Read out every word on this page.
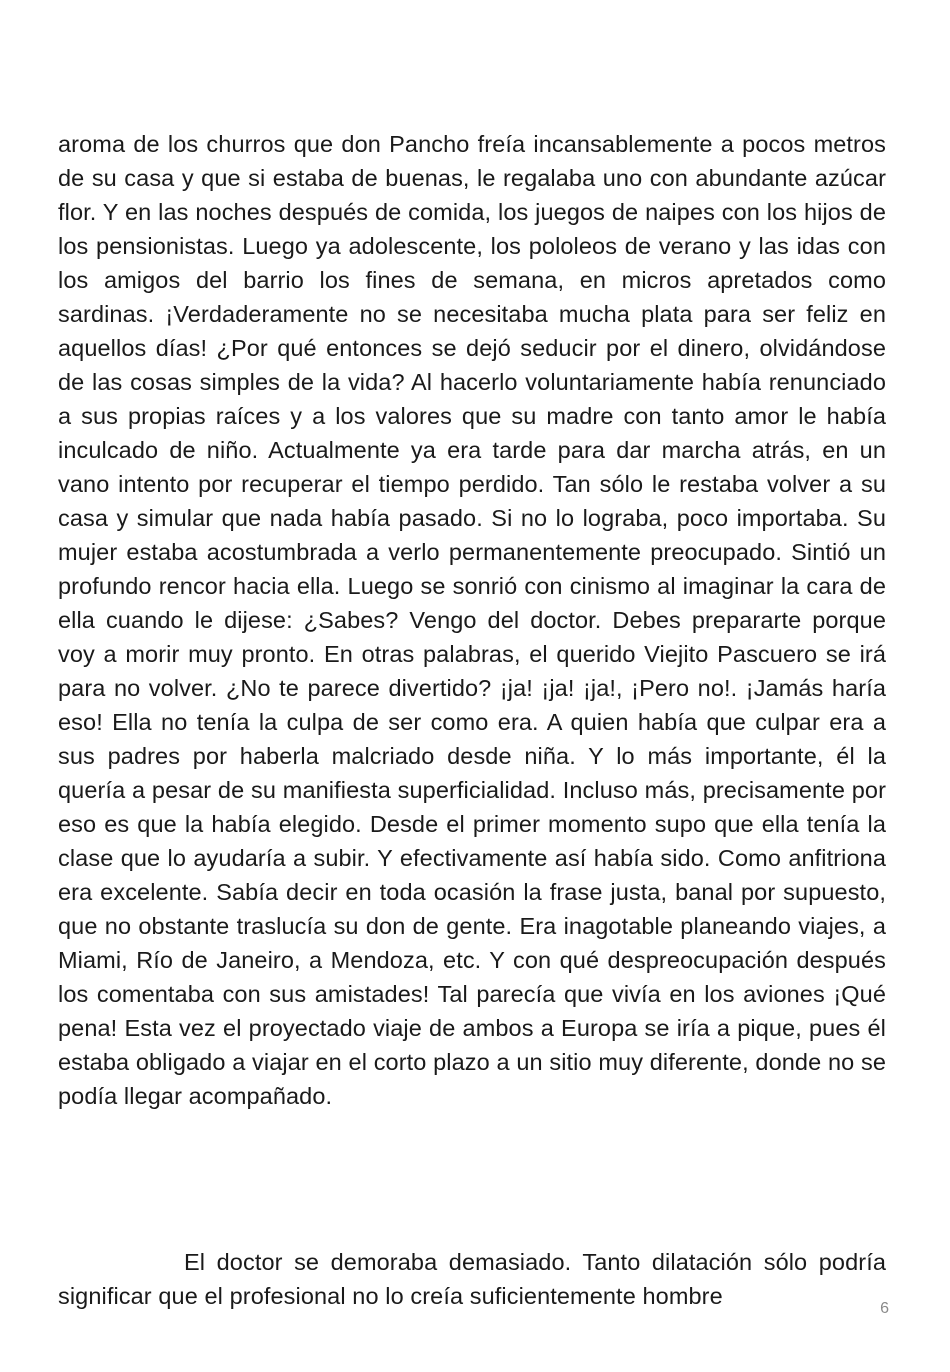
aroma de los churros que don Pancho freía incansablemente a pocos metros de su casa y que si estaba de buenas, le regalaba uno con abundante azúcar flor. Y en las noches después de comida, los juegos de naipes con los hijos de los pensionistas. Luego ya adolescente, los pololeos de verano y las idas con los amigos del barrio los fines de semana, en micros apretados como sardinas. ¡Verdaderamente no se necesitaba mucha plata para ser feliz en aquellos días! ¿Por qué entonces se dejó seducir por el dinero, olvidándose de las cosas simples de la vida? Al hacerlo voluntariamente había renunciado a sus propias raíces y a los valores que su madre con tanto amor le había inculcado de niño. Actualmente ya era tarde para dar marcha atrás, en un vano intento por recuperar el tiempo perdido. Tan sólo le restaba volver a su casa y simular que nada había pasado. Si no lo lograba, poco importaba. Su mujer estaba acostumbrada a verlo permanentemente preocupado. Sintió un profundo rencor hacia ella. Luego se sonrió con cinismo al imaginar la cara de ella cuando le dijese: ¿Sabes? Vengo del doctor. Debes prepararte porque voy a morir muy pronto. En otras palabras, el querido Viejito Pascuero se irá para no volver. ¿No te parece divertido? ¡ja! ¡ja! ¡ja!, ¡Pero no!. ¡Jamás haría eso! Ella no tenía la culpa de ser como era. A quien había que culpar era a sus padres por haberla malcriado desde niña. Y lo más importante, él la quería a pesar de su manifiesta superficialidad. Incluso más, precisamente por eso es que la había elegido. Desde el primer momento supo que ella tenía la clase que lo ayudaría a subir. Y efectivamente así había sido. Como anfitriona era excelente. Sabía decir en toda ocasión la frase justa, banal por supuesto, que no obstante traslucía su don de gente. Era inagotable planeando viajes, a Miami, Río de Janeiro, a Mendoza, etc. Y con qué despreocupación después los comentaba con sus amistades! Tal parecía que vivía en los aviones ¡Qué pena! Esta vez el proyectado viaje de ambos a Europa se iría a pique, pues él estaba obligado a viajar en el corto plazo a un sitio muy diferente, donde no se podía llegar acompañado.

El doctor se demoraba demasiado. Tanto dilatación sólo podría significar que el profesional no lo creía suficientemente hombre	6
